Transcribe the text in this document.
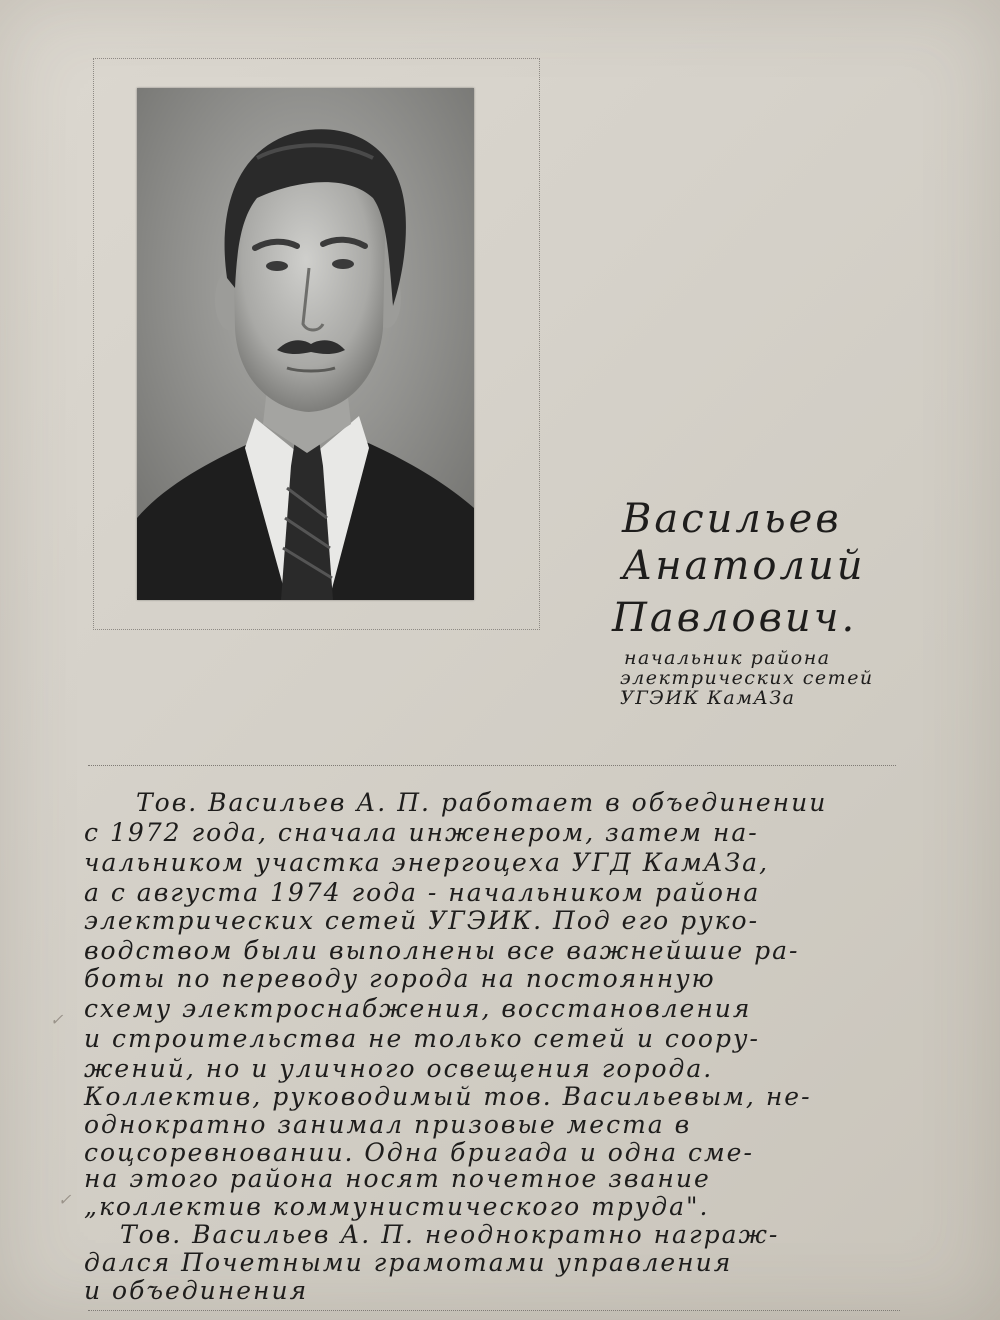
Васильев

Анатолий

Павлович.

начальник района

электрических сетей

УГЭИК КамАЗа

✓
✓

Тов. Васильев А. П. работает в объединении

с 1972 года, сначала инженером, затем на-

чальником участка энергоцеха УГД КамАЗа,

а с августа 1974 года - начальником района

электрических сетей УГЭИК. Под его руко-

водством были выполнены все важнейшие ра-

боты по переводу города на постоянную

схему электроснабжения, восстановления

и строительства не только сетей и соору-

жений, но и уличного освещения города.

Коллектив, руководимый тов. Васильевым, не-

однократно занимал призовые места в

соцсоревновании. Одна бригада и одна сме-

на этого района носят почетное звание

„коллектив коммунистического труда".

Тов. Васильев А. П. неоднократно награж-

дался Почетными грамотами управления

и объединения
